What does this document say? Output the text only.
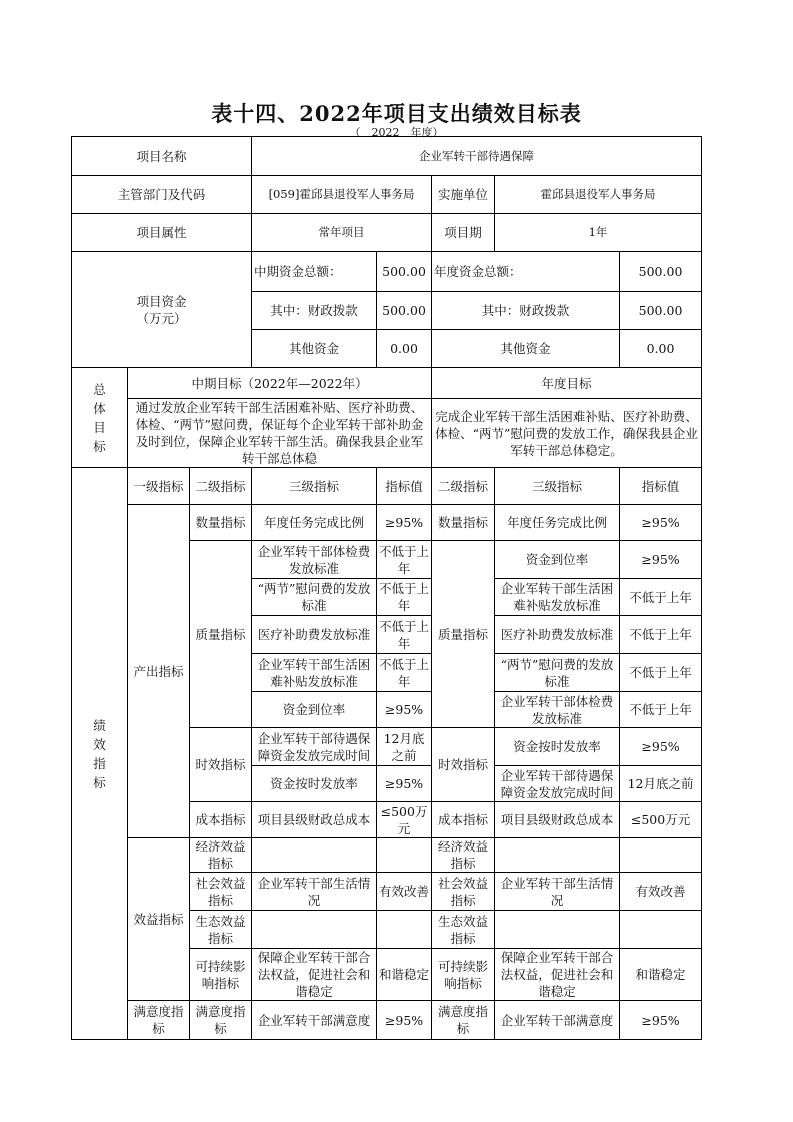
表十四、2022年项目支出绩效目标表
（　2022　年度）
项目名称			企业军转干部待遇保障				
主管部门及代码			[059]霍邱县退役军人事务局		实施单位	霍邱县退役军人事务局	
项目属性			常年项目		项目期	1年	
项目资金
（万元）			中期资金总额：	500.00	年度资金总额：		500.00
			其中：财政拨款	500.00	其中：财政拨款		500.00
			其他资金	0.00	其他资金		0.00
总体目标	中期目标（2022年—2022年）				年度目标		
	通过发放企业军转干部生活困难补贴、医疗补助费、体检、“两节”慰问费，保证每个企业军转干部补助金及时到位，保障企业军转干部生活。确保我县企业军转干部总体稳				完成企业军转干部生活困难补贴、医疗补助费、体检、“两节”慰问费的发放工作，确保我县企业军转干部总体稳定。		
绩效指标	一级指标	二级指标	三级指标	指标值	二级指标	三级指标	指标值
	产出指标	数量指标	年度任务完成比例	≥95%	数量指标	年度任务完成比例	≥95%
		质量指标	企业军转干部体检费发放标准	不低于上年	质量指标	资金到位率	≥95%
			“两节”慰问费的发放标准	不低于上年		企业军转干部生活困难补贴发放标准	不低于上年
			医疗补助费发放标准	不低于上年		医疗补助费发放标准	不低于上年
			企业军转干部生活困难补贴发放标准	不低于上年		“两节”慰问费的发放标准	不低于上年
			资金到位率	≥95%		企业军转干部体检费发放标准	不低于上年
		时效指标	企业军转干部待遇保障资金发放完成时间	12月底之前	时效指标	资金按时发放率	≥95%
			资金按时发放率	≥95%		企业军转干部待遇保障资金发放完成时间	12月底之前
		成本指标	项目县级财政总成本	≤500万元	成本指标	项目县级财政总成本	≤500万元
	效益指标	经济效益指标			经济效益指标		
		社会效益指标	企业军转干部生活情况	有效改善	社会效益指标	企业军转干部生活情况	有效改善
		生态效益指标			生态效益指标		
		可持续影响指标	保障企业军转干部合法权益，促进社会和谐稳定	和谐稳定	可持续影响指标	保障企业军转干部合法权益，促进社会和谐稳定	和谐稳定
	满意度指标	满意度指标	企业军转干部满意度	≥95%	满意度指标	企业军转干部满意度	≥95%
